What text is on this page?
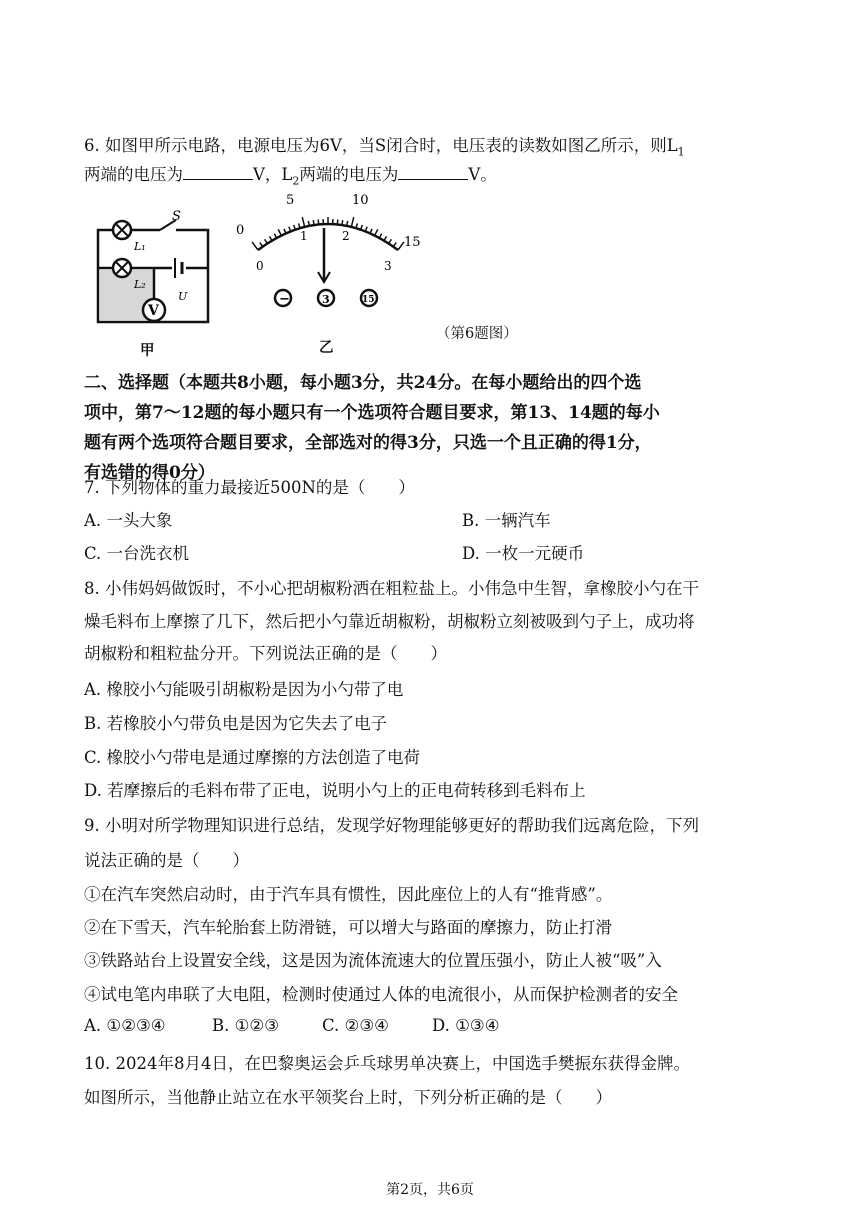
6. 如图甲所示电路，电源电压为6V，当S闭合时，电压表的读数如图乙所示，则$L_1$
两端的电压为	V，$L_2$两端的电压为	V。
S
L₁
L₂
U
V
甲
0
5	10
15
0
1	2
3
−	3	15
乙
（第6题图）
二、选择题（本题共8小题，每小题3分，共24分。在每小题给出的四个选
项中，第7～12题的每小题只有一个选项符合题目要求，第13、14题的每小
题有两个选项符合题目要求，全部选对的得3分，只选一个且正确的得1分，
有选错的得0分）
7. 下列物体的重力最接近500N的是（　　）
A. 一头大象	B. 一辆汽车
C. 一台洗衣机	D. 一枚一元硬币
8. 小伟妈妈做饭时，不小心把胡椒粉洒在粗粒盐上。小伟急中生智，拿橡胶小勺在干
燥毛料布上摩擦了几下，然后把小勺靠近胡椒粉，胡椒粉立刻被吸到勺子上，成功将
胡椒粉和粗粒盐分开。下列说法正确的是（　　）
A. 橡胶小勺能吸引胡椒粉是因为小勺带了电
B. 若橡胶小勺带负电是因为它失去了电子
C. 橡胶小勺带电是通过摩擦的方法创造了电荷
D. 若摩擦后的毛料布带了正电，说明小勺上的正电荷转移到毛料布上
9. 小明对所学物理知识进行总结，发现学好物理能够更好的帮助我们远离危险，下列
说法正确的是（　　）
①在汽车突然启动时，由于汽车具有惯性，因此座位上的人有“推背感”。
②在下雪天，汽车轮胎套上防滑链，可以增大与路面的摩擦力，防止打滑
③铁路站台上设置安全线，这是因为流体流速大的位置压强小，防止人被“吸”入
④试电笔内串联了大电阻，检测时使通过人体的电流很小，从而保护检测者的安全
A. ①②③④	B. ①②③	C. ②③④	D. ①③④
10. 2024年8月4日，在巴黎奥运会乒乓球男单决赛上，中国选手樊振东获得金牌。
如图所示，当他静止站立在水平领奖台上时，下列分析正确的是（　　）
第2页，共6页
